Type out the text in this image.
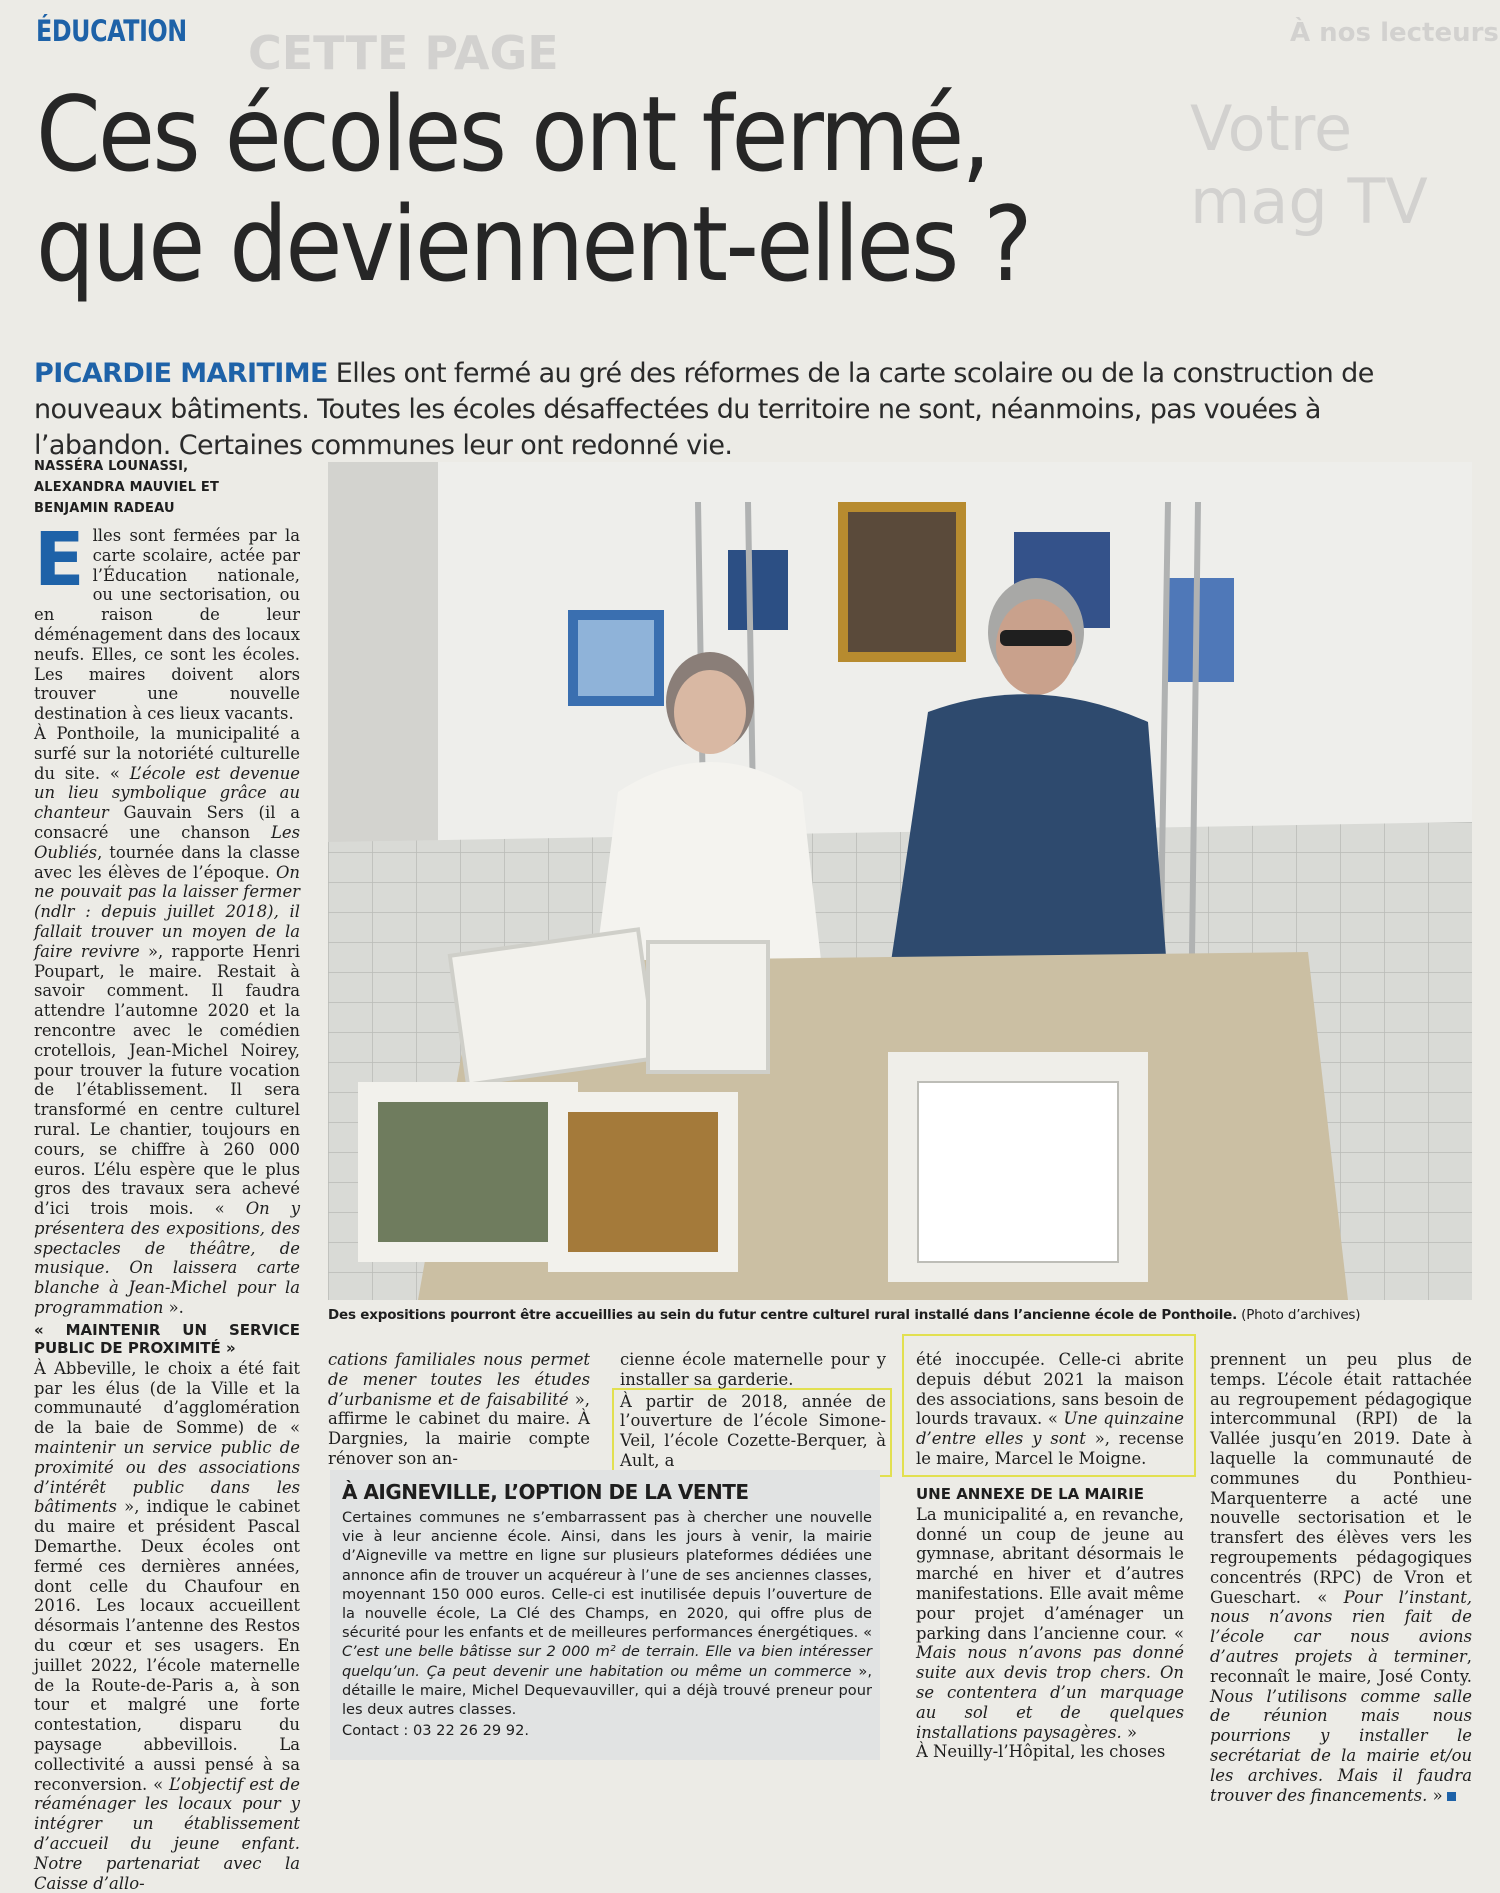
ÉDUCATION CETTE PAGE	À nos lecteurs
Votre mag TV
Ces écoles ont fermé,
que deviennent-elles ?
PICARDIE MARITIME Elles ont fermé au gré des réformes de la carte scolaire ou de la construction de nouveaux bâtiments. Toutes les écoles désaffectées du territoire ne sont, néanmoins, pas vouées à l’abandon. Certaines communes leur ont redonné vie.
NASSÉRA LOUNASSI, ALEXANDRA MAUVIEL ET BENJAMIN RADEAU

Elles sont fermées par la carte scolaire, actée par l’Éducation nationale, ou une sectorisation, ou en raison de leur déménagement dans des locaux neufs. Elles, ce sont les écoles. Les maires doivent alors trouver une nouvelle destination à ces lieux vacants.

À Ponthoile, la municipalité a surfé sur la notoriété culturelle du site. « L’école est devenue un lieu symbolique grâce au chanteur Gauvain Sers (il a consacré une chanson Les Oubliés, tournée dans la classe avec les élèves de l’époque. On ne pouvait pas la laisser fermer (ndlr : depuis juillet 2018), il fallait trouver un moyen de la faire revivre », rapporte Henri Poupart, le maire. Restait à savoir comment. Il faudra attendre l’automne 2020 et la rencontre avec le comédien crotellois, Jean-Michel Noirey, pour trouver la future vocation de l’établissement. Il sera transformé en centre culturel rural. Le chantier, toujours en cours, se chiffre à 260 000 euros. L’élu espère que le plus gros des travaux sera achevé d’ici trois mois. « On y présentera des expositions, des spectacles de théâtre, de musique. On laissera carte blanche à Jean-Michel pour la programmation ».

« MAINTENIR UN SERVICE PUBLIC DE PROXIMITÉ »

À Abbeville, le choix a été fait par les élus (de la Ville et la communauté d’agglomération de la baie de Somme) de « maintenir un service public de proximité ou des associations d’intérêt public dans les bâtiments », indique le cabinet du maire et président Pascal Demarthe. Deux écoles ont fermé ces dernières années, dont celle du Chaufour en 2016. Les locaux accueillent désormais l’antenne des Restos du cœur et ses usagers. En juillet 2022, l’école maternelle de la Route-de-Paris a, à son tour et malgré une forte contestation, disparu du paysage abbevillois. La collectivité a aussi pensé à sa reconversion. « L’objectif est de réaménager les locaux pour y intégrer un établissement d’accueil du jeune enfant. Notre partenariat avec la Caisse d’allo-

Des expositions pourront être accueillies au sein du futur centre culturel rural installé dans l’ancienne école de Ponthoile. (Photo d’archives)

cations familiales nous permet de mener toutes les études d’urbanisme et de faisabilité », affirme le cabinet du maire. À Dargnies, la mairie compte rénover son an-

cienne école maternelle pour y installer sa garderie.

À partir de 2018, année de l’ouverture de l’école Simone-Veil, l’école Cozette-Berquer, à Ault, a

été inoccupée. Celle-ci abrite depuis début 2021 la maison des associations, sans besoin de lourds travaux. « Une quinzaine d’entre elles y sont », recense le maire, Marcel le Moigne.

UNE ANNEXE DE LA MAIRIE

La municipalité a, en revanche, donné un coup de jeune au gymnase, abritant désormais le marché en hiver et d’autres manifestations. Elle avait même pour projet d’aménager un parking dans l’ancienne cour. « Mais nous n’avons pas donné suite aux devis trop chers. On se contentera d’un marquage au sol et de quelques installations paysagères. »

À Neuilly-l’Hôpital, les choses

prennent un peu plus de temps. L’école était rattachée au regroupement pédagogique intercommunal (RPI) de la Vallée jusqu’en 2019. Date à laquelle la communauté de communes du Ponthieu-Marquenterre a acté une nouvelle sectorisation et le transfert des élèves vers les regroupements pédagogiques concentrés (RPC) de Vron et Gueschart. « Pour l’instant, nous n’avons rien fait de l’école car nous avions d’autres projets à terminer, reconnaît le maire, José Conty. Nous l’utilisons comme salle de réunion mais nous pourrions y installer le secrétariat de la mairie et/ou les archives. Mais il faudra trouver des financements. »

À AIGNEVILLE, L’OPTION DE LA VENTE
Certaines communes ne s’embarrassent pas à chercher une nouvelle vie à leur ancienne école. Ainsi, dans les jours à venir, la mairie d’Aigneville va mettre en ligne sur plusieurs plateformes dédiées une annonce afin de trouver un acquéreur à l’une de ses anciennes classes, moyennant 150 000 euros. Celle-ci est inutilisée depuis l’ouverture de la nouvelle école, La Clé des Champs, en 2020, qui offre plus de sécurité pour les enfants et de meilleures performances énergétiques. « C’est une belle bâtisse sur 2 000 m² de terrain. Elle va bien intéresser quelqu’un. Ça peut devenir une habitation ou même un commerce », détaille le maire, Michel Dequevauviller, qui a déjà trouvé preneur pour les deux autres classes.
Contact : 03 22 26 29 92.
